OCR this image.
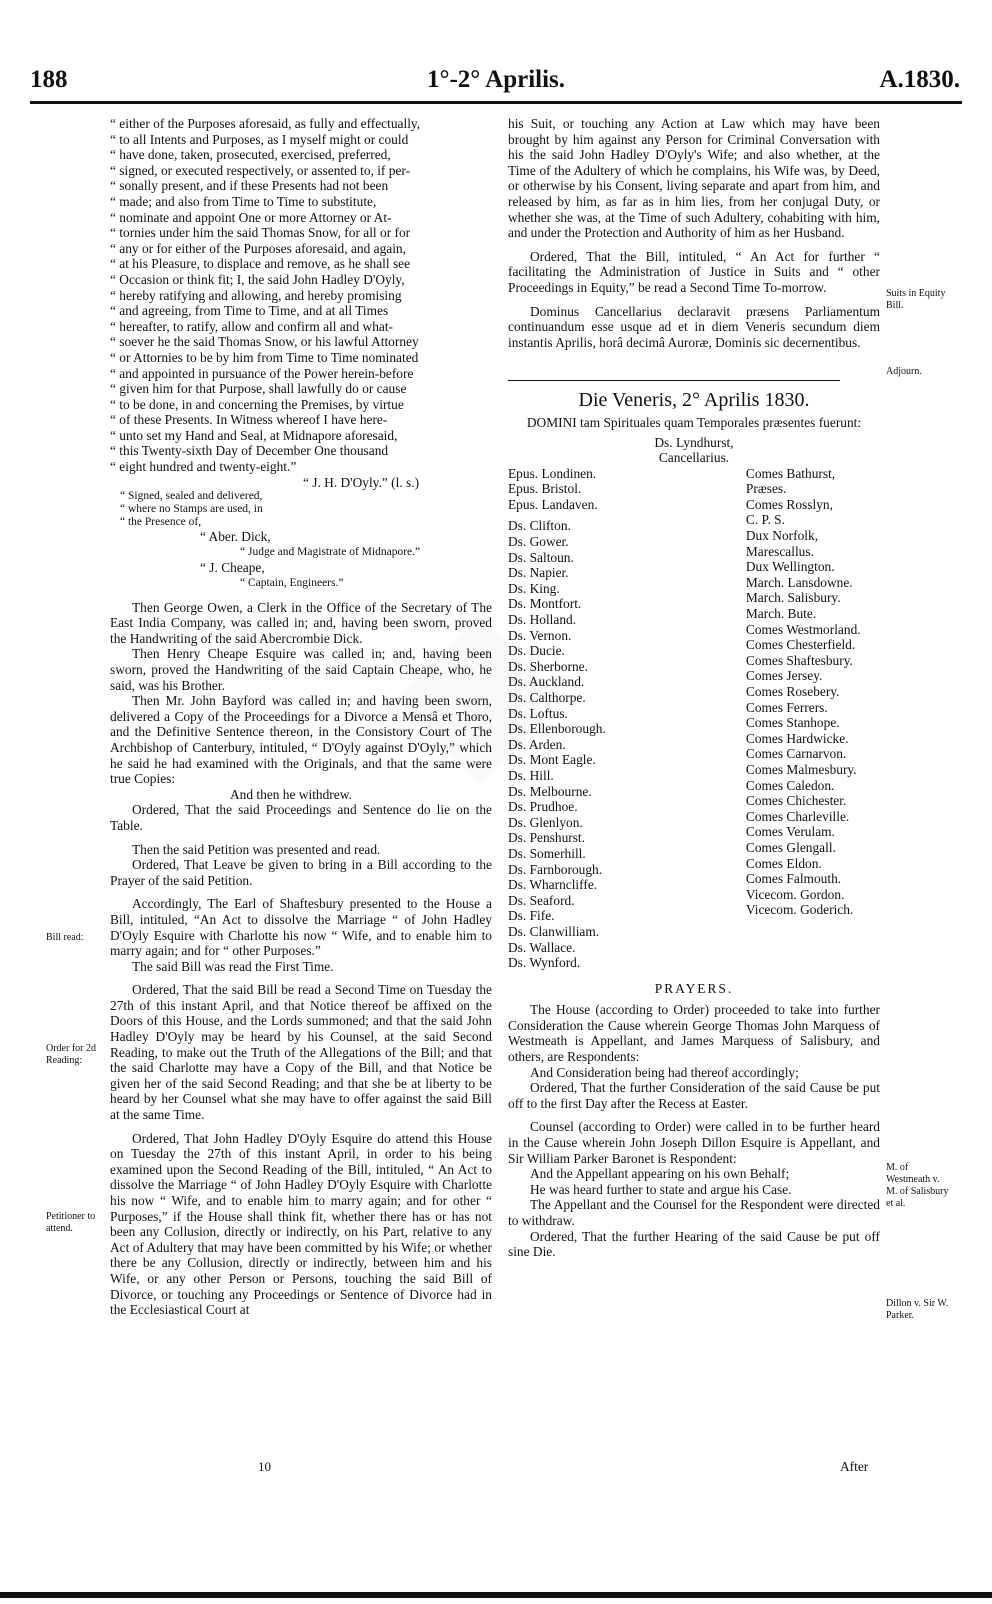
188	1°-2° Aprilis.	A.1830.
“ either of the Purposes aforesaid, as fully and effectually,
“ to all Intents and Purposes, as I myself might or could
“ have done, taken, prosecuted, exercised, preferred,
“ signed, or executed respectively, or assented to, if per-
“ sonally present, and if these Presents had not been
“ made; and also from Time to Time to substitute,
“ nominate and appoint One or more Attorney or At-
“ tornies under him the said Thomas Snow, for all or for
“ any or for either of the Purposes aforesaid, and again,
“ at his Pleasure, to displace and remove, as he shall see
“ Occasion or think fit; I, the said John Hadley D'Oyly,
“ hereby ratifying and allowing, and hereby promising
“ and agreeing, from Time to Time, and at all Times
“ hereafter, to ratify, allow and confirm all and what-
“ soever he the said Thomas Snow, or his lawful Attorney
“ or Attornies to be by him from Time to Time nominated
“ and appointed in pursuance of the Power herein-before
“ given him for that Purpose, shall lawfully do or cause
“ to be done, in and concerning the Premises, by virtue
“ of these Presents. In Witness whereof I have here-
“ unto set my Hand and Seal, at Midnapore aforesaid,
“ this Twenty-sixth Day of December One thousand
“ eight hundred and twenty-eight.”

“ J. H. D'Oyly.” (l. s.)

“ Signed, sealed and delivered,
“ where no Stamps are used, in
“ the Presence of,

“ Aber. Dick,

“ Judge and Magistrate of Midnapore.”

“ J. Cheape,

“ Captain, Engineers.”

Then George Owen, a Clerk in the Office of the Secretary of The East India Company, was called in; and, having been sworn, proved the Handwriting of the said Abercrombie Dick.

Then Henry Cheape Esquire was called in; and, having been sworn, proved the Handwriting of the said Captain Cheape, who, he said, was his Brother.

Then Mr. John Bayford was called in; and having been sworn, delivered a Copy of the Proceedings for a Divorce a Mensâ et Thoro, and the Definitive Sentence thereon, in the Consistory Court of The Archbishop of Canterbury, intituled, “ D'Oyly against D'Oyly,” which he said he had examined with the Originals, and that the same were true Copies:

And then he withdrew.

Ordered, That the said Proceedings and Sentence do lie on the Table.

Then the said Petition was presented and read.

Ordered, That Leave be given to bring in a Bill according to the Prayer of the said Petition.

Accordingly, The Earl of Shaftesbury presented to the House a Bill, intituled, “An Act to dissolve the Marriage “ of John Hadley D'Oyly Esquire with Charlotte his now “ Wife, and to enable him to marry again; and for “ other Purposes.”

The said Bill was read the First Time.

Ordered, That the said Bill be read a Second Time on Tuesday the 27th of this instant April, and that Notice thereof be affixed on the Doors of this House, and the Lords summoned; and that the said John Hadley D'Oyly may be heard by his Counsel, at the said Second Reading, to make out the Truth of the Allegations of the Bill; and that the said Charlotte may have a Copy of the Bill, and that Notice be given her of the said Second Reading; and that she be at liberty to be heard by her Counsel what she may have to offer against the said Bill at the same Time.

Ordered, That John Hadley D'Oyly Esquire do attend this House on Tuesday the 27th of this instant April, in order to his being examined upon the Second Reading of the Bill, intituled, “ An Act to dissolve the Marriage “ of John Hadley D'Oyly Esquire with Charlotte his now “ Wife, and to enable him to marry again; and for other “ Purposes,” if the House shall think fit, whether there has or has not been any Collusion, directly or indirectly, on his Part, relative to any Act of Adultery that may have been committed by his Wife; or whether there be any Collusion, directly or indirectly, between him and his Wife, or any other Person or Persons, touching the said Bill of Divorce, or touching any Proceedings or Sentence of Divorce had in the Ecclesiastical Court at

Bill read:
Order for 2d Reading:
Petitioner to attend.

his Suit, or touching any Action at Law which may have been brought by him against any Person for Criminal Conversation with his the said John Hadley D'Oyly's Wife; and also whether, at the Time of the Adultery of which he complains, his Wife was, by Deed, or otherwise by his Consent, living separate and apart from him, and released by him, as far as in him lies, from her conjugal Duty, or whether she was, at the Time of such Adultery, cohabiting with him, and under the Protection and Authority of him as her Husband.

Ordered, That the Bill, intituled, “ An Act for further “ facilitating the Administration of Justice in Suits and “ other Proceedings in Equity,” be read a Second Time To-morrow.

Dominus Cancellarius declaravit præsens Parliamentum continuandum esse usque ad et in diem Veneris secundum diem instantis Aprilis, horâ decimâ Auroræ, Dominis sic decernentibus.

Die Veneris, 2° Aprilis 1830.

DOMINI tam Spirituales quam Temporales præsentes fuerunt:

Ds. Lyndhurst,

Cancellarius.

Epus. Londinen.
Epus. Bristol.
Epus. Landaven.
Ds. Clifton.
Ds. Gower.
Ds. Saltoun.
Ds. Napier.
Ds. King.
Ds. Montfort.
Ds. Holland.
Ds. Vernon.
Ds. Ducie.
Ds. Sherborne.
Ds. Auckland.
Ds. Calthorpe.
Ds. Loftus.
Ds. Ellenborough.
Ds. Arden.
Ds. Mont Eagle.
Ds. Hill.
Ds. Melbourne.
Ds. Prudhoe.
Ds. Glenlyon.
Ds. Penshurst.
Ds. Somerhill.
Ds. Farnborough.
Ds. Wharncliffe.
Ds. Seaford.
Ds. Fife.
Ds. Clanwilliam.
Ds. Wallace.
Ds. Wynford.
Comes Bathurst,
Præses.
Comes Rosslyn,
C. P. S.
Dux Norfolk,
Marescallus.
Dux Wellington.
March. Lansdowne.
March. Salisbury.
March. Bute.
Comes Westmorland.
Comes Chesterfield.
Comes Shaftesbury.
Comes Jersey.
Comes Rosebery.
Comes Ferrers.
Comes Stanhope.
Comes Hardwicke.
Comes Carnarvon.
Comes Malmesbury.
Comes Caledon.
Comes Chichester.
Comes Charleville.
Comes Verulam.
Comes Glengall.
Comes Eldon.
Comes Falmouth.
Vicecom. Gordon.
Vicecom. Goderich.
PRAYERS.

The House (according to Order) proceeded to take into further Consideration the Cause wherein George Thomas John Marquess of Westmeath is Appellant, and James Marquess of Salisbury, and others, are Respondents:

And Consideration being had thereof accordingly;

Ordered, That the further Consideration of the said Cause be put off to the first Day after the Recess at Easter.

Counsel (according to Order) were called in to be further heard in the Cause wherein John Joseph Dillon Esquire is Appellant, and Sir William Parker Baronet is Respondent:

And the Appellant appearing on his own Behalf;

He was heard further to state and argue his Case.

The Appellant and the Counsel for the Respondent were directed to withdraw.

Ordered, That the further Hearing of the said Cause be put off sine Die.

Suits in Equity Bill.
Adjourn.
M. of Westmeath v. M. of Salisbury et al.
Dillon v. Sir W. Parker.
10	After
